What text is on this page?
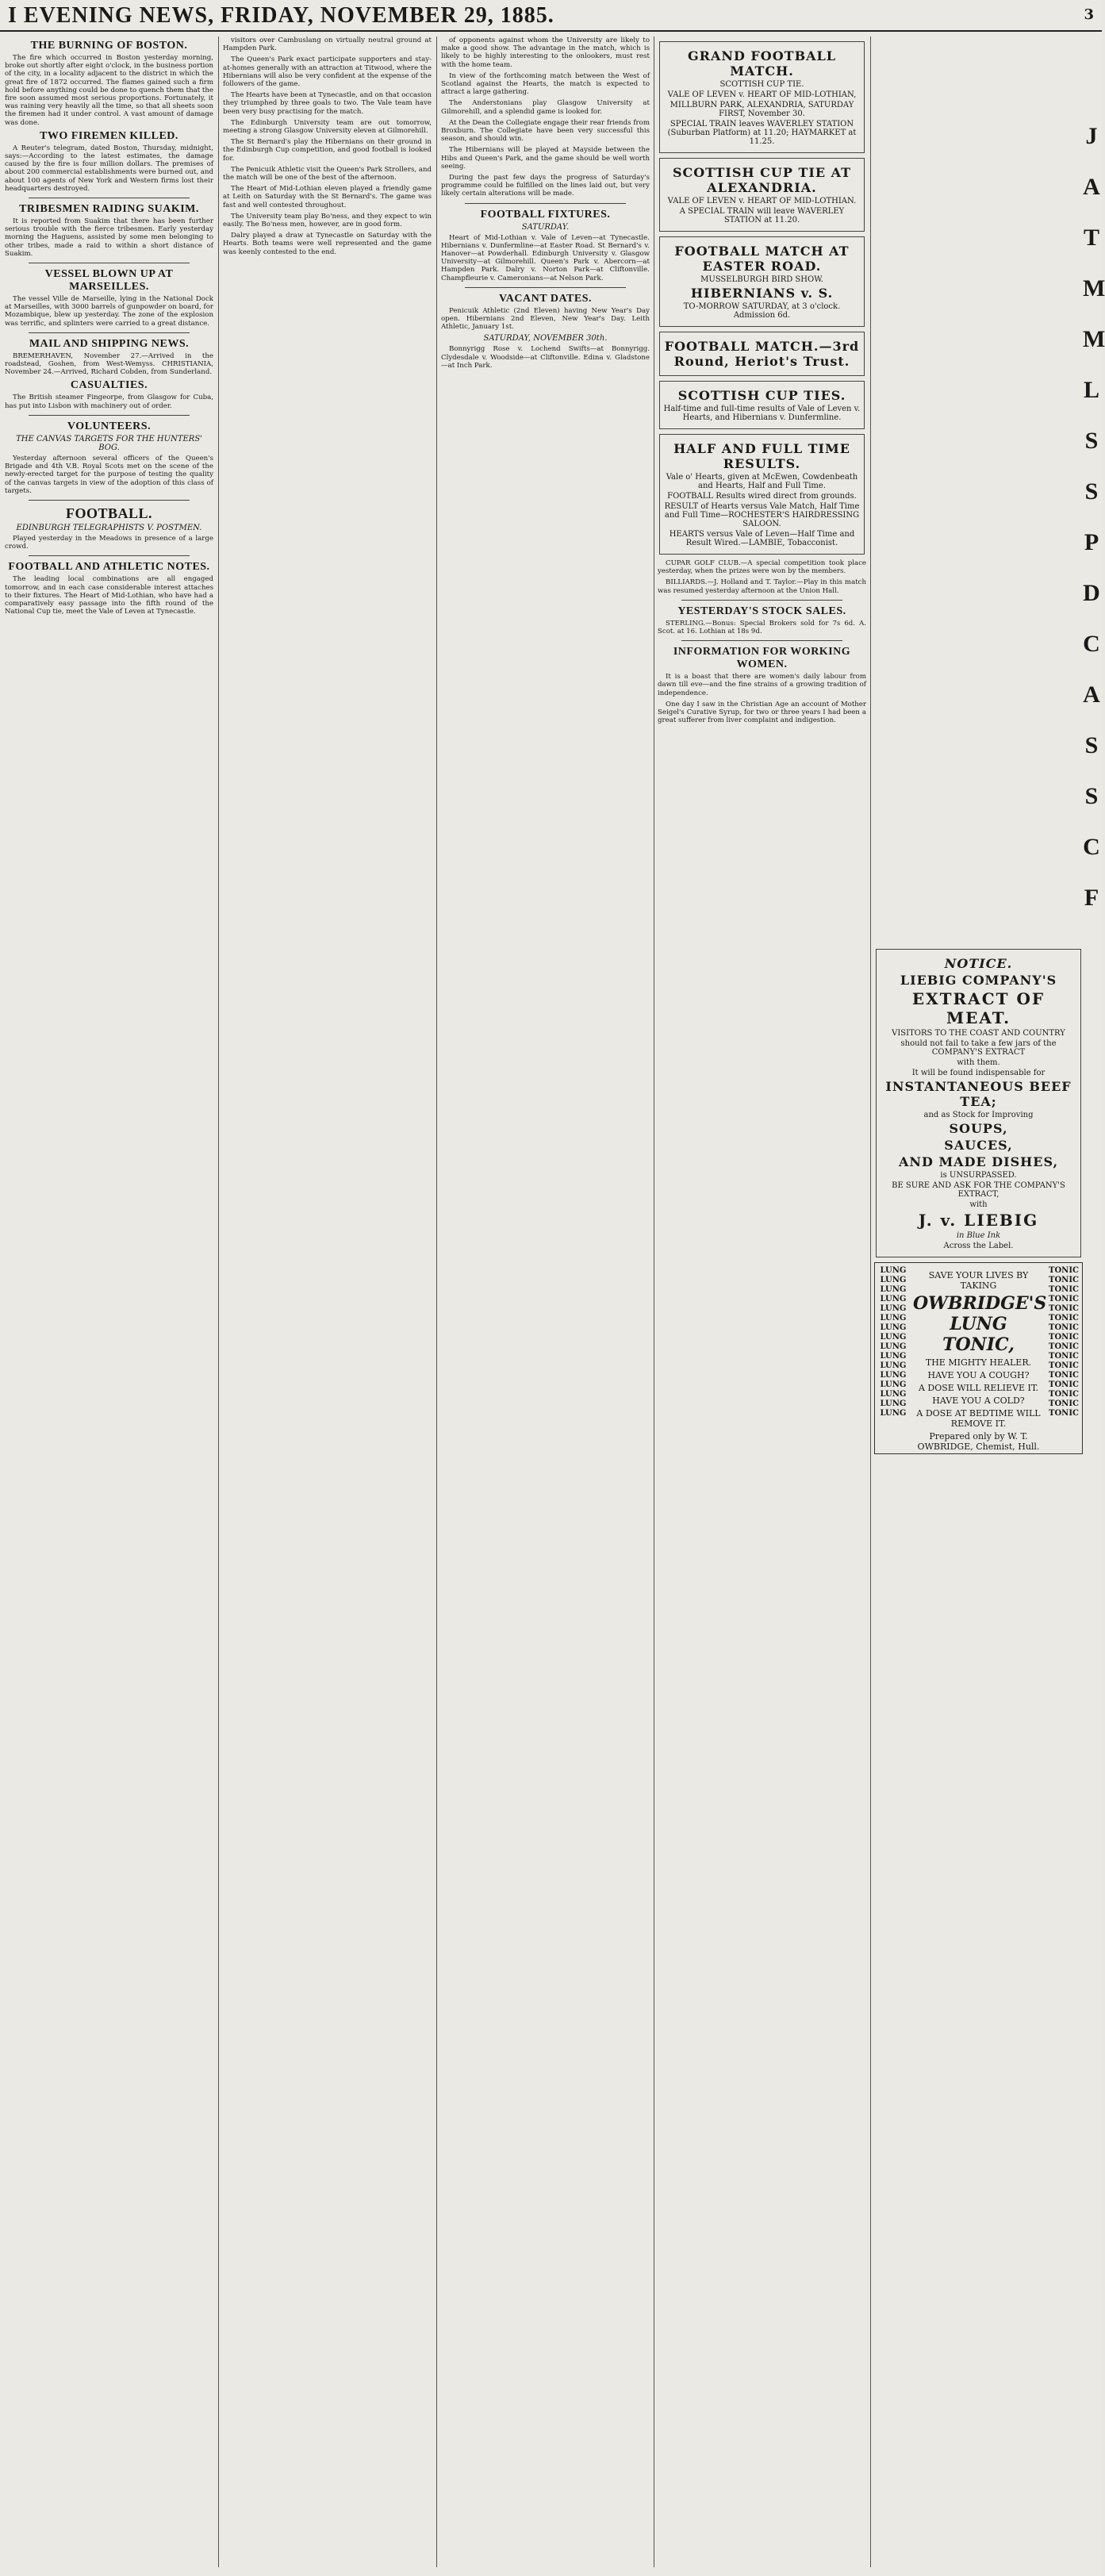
I EVENING NEWS, FRIDAY, NOVEMBER 29, 1885.	3
THE BURNING OF BOSTON.

The fire which occurred in Boston yesterday morning, broke out shortly after eight o'clock, in the business portion of the city, in a locality adjacent to the district in which the great fire of 1872 occurred. The flames gained such a firm hold before anything could be done to quench them that the fire soon assumed most serious proportions. Fortunately, it was raining very heavily all the time, so that all sheets soon the firemen had it under control. A vast amount of damage was done.

TWO FIREMEN KILLED.

A Reuter's telegram, dated Boston, Thursday, midnight, says:—According to the latest estimates, the damage caused by the fire is four million dollars. The premises of about 200 commercial establishments were burned out, and about 100 agents of New York and Western firms lost their headquarters destroyed.

TRIBESMEN RAIDING SUAKIM.

It is reported from Suakim that there has been further serious trouble with the fierce tribesmen. Early yesterday morning the Haguens, assisted by some men belonging to other tribes, made a raid to within a short distance of Suakim.

VESSEL BLOWN UP AT MARSEILLES.

The vessel Ville de Marseille, lying in the National Dock at Marseilles, with 3000 barrels of gunpowder on board, for Mozambique, blew up yesterday. The zone of the explosion was terrific, and splinters were carried to a great distance.

MAIL AND SHIPPING NEWS.

BREMERHAVEN, November 27.—Arrived in the roadstead, Goshen, from West-Wemyss. CHRISTIANIA, November 24.—Arrived, Richard Cobden, from Sunderland.

CASUALTIES.

The British steamer Fingeorpe, from Glasgow for Cuba, has put into Lisbon with machinery out of order.

VOLUNTEERS.
THE CANVAS TARGETS FOR THE HUNTERS' BOG.

Yesterday afternoon several officers of the Queen's Brigade and 4th V.B. Royal Scots met on the scene of the newly-erected target for the purpose of testing the quality of the canvas targets in view of the adoption of this class of targets.

FOOTBALL.
EDINBURGH TELEGRAPHISTS V. POSTMEN.

Played yesterday in the Meadows in presence of a large crowd.

FOOTBALL AND ATHLETIC NOTES.

The leading local combinations are all engaged tomorrow, and in each case considerable interest attaches to their fixtures. The Heart of Mid-Lothian, who have had a comparatively easy passage into the fifth round of the National Cup tie, meet the Vale of Leven at Tynecastle.

visitors over Cambuslang on virtually neutral ground at Hampden Park.

The Queen's Park exact participate supporters and stay-at-homes generally with an attraction at Titwood, where the Hibernians will also be very confident at the expense of the followers of the game.

The Hearts have been at Tynecastle, and on that occasion they triumphed by three goals to two. The Vale team have been very busy practising for the match.

The Edinburgh University team are out tomorrow, meeting a strong Glasgow University eleven at Gilmorehill.

The St Bernard's play the Hibernians on their ground in the Edinburgh Cup competition, and good football is looked for.

The Penicuik Athletic visit the Queen's Park Strollers, and the match will be one of the best of the afternoon.

The Heart of Mid-Lothian eleven played a friendly game at Leith on Saturday with the St Bernard's. The game was fast and well contested throughout.

The University team play Bo'ness, and they expect to win easily. The Bo'ness men, however, are in good form.

Dalry played a draw at Tynecastle on Saturday with the Hearts. Both teams were well represented and the game was keenly contested to the end.

of opponents against whom the University are likely to make a good show. The advantage in the match, which is likely to be highly interesting to the onlookers, must rest with the home team.

In view of the forthcoming match between the West of Scotland against the Hearts, the match is expected to attract a large gathering.

The Anderstonians play Glasgow University at Gilmorehill, and a splendid game is looked for.

At the Dean the Collegiate engage their rear friends from Broxburn. The Collegiate have been very successful this season, and should win.

The Hibernians will be played at Mayside between the Hibs and Queen's Park, and the game should be well worth seeing.

During the past few days the progress of Saturday's programme could be fulfilled on the lines laid out, but very likely certain alterations will be made.

FOOTBALL FIXTURES.
SATURDAY.

Heart of Mid-Lothian v. Vale of Leven—at Tynecastle. Hibernians v. Dunfermline—at Easter Road. St Bernard's v. Hanover—at Powderhall. Edinburgh University v. Glasgow University—at Gilmorehill. Queen's Park v. Abercorn—at Hampden Park. Dalry v. Norton Park—at Cliftonville. Champfleurie v. Cameronians—at Nelson Park.

VACANT DATES.

Penicuik Athletic (2nd Eleven) having New Year's Day open. Hibernians 2nd Eleven, New Year's Day. Leith Athletic, January 1st.

SATURDAY, NOVEMBER 30th.

Bonnyrigg Rose v. Lochend Swifts—at Bonnyrigg. Clydesdale v. Woodside—at Cliftonville. Edina v. Gladstone—at Inch Park.

GRAND FOOTBALL MATCH.
SCOTTISH CUP TIE.
VALE OF LEVEN v. HEART OF MID-LOTHIAN,
MILLBURN PARK, ALEXANDRIA, SATURDAY FIRST, November 30.
SPECIAL TRAIN leaves WAVERLEY STATION (Suburban Platform) at 11.20; HAYMARKET at 11.25.
SCOTTISH CUP TIE AT ALEXANDRIA.
VALE OF LEVEN v. HEART OF MID-LOTHIAN.
A SPECIAL TRAIN will leave WAVERLEY STATION at 11.20.
FOOTBALL MATCH AT EASTER ROAD.
MUSSELBURGH BIRD SHOW.
HIBERNIANS v. S.
TO-MORROW SATURDAY, at 3 o'clock. Admission 6d.
FOOTBALL MATCH.—3rd Round, Heriot's Trust.
SCOTTISH CUP TIES.
Half-time and full-time results of Vale of Leven v. Hearts, and Hibernians v. Dunfermline.
HALF AND FULL TIME RESULTS.
Vale o' Hearts, given at McEwen, Cowdenbeath and Hearts, Half and Full Time.
FOOTBALL Results wired direct from grounds.
RESULT of Hearts versus Vale Match, Half Time and Full Time—ROCHESTER'S HAIRDRESSING SALOON.
HEARTS versus Vale of Leven—Half Time and Result Wired.—LAMBIE, Tobacconist.

CUPAR GOLF CLUB.—A special competition took place yesterday, when the prizes were won by the members.

BILLIARDS.—J. Holland and T. Taylor.—Play in this match was resumed yesterday afternoon at the Union Hall.

YESTERDAY'S STOCK SALES.

STERLING.—Bonus: Special Brokers sold for 7s 6d. A. Scot. at 16. Lothian at 18s 9d.

INFORMATION FOR WORKING WOMEN.

It is a boast that there are women's daily labour from dawn till eve—and the fine strains of a growing tradition of independence.

One day I saw in the Christian Age an account of Mother Seigel's Curative Syrup, for two or three years I had been a great sufferer from liver complaint and indigestion.

NOTICE.
LIEBIG COMPANY'S
EXTRACT OF MEAT.
VISITORS TO THE COAST AND COUNTRY
should not fail to take a few jars of the COMPANY'S EXTRACT
with them.
It will be found indispensable for
INSTANTANEOUS BEEF TEA;
and as Stock for Improving
SOUPS,
SAUCES,
AND MADE DISHES,
is UNSURPASSED.
BE SURE AND ASK FOR THE COMPANY'S EXTRACT,
with
J. v. LIEBIG
in Blue Ink
Across the Label.
LUNG
LUNG
LUNG
LUNG
LUNG
LUNG
LUNG
LUNG
LUNG
LUNG
LUNG
LUNG
LUNG
LUNG
LUNG
LUNG
TONIC
TONIC
TONIC
TONIC
TONIC
TONIC
TONIC
TONIC
TONIC
TONIC
TONIC
TONIC
TONIC
TONIC
TONIC
TONIC
SAVE YOUR LIVES BY TAKING
OWBRIDGE'S
LUNG TONIC,
THE MIGHTY HEALER.
HAVE YOU A COUGH?
A DOSE WILL RELIEVE IT.
HAVE YOU A COLD?
A DOSE AT BEDTIME WILL REMOVE IT.
Prepared only by W. T. OWBRIDGE, Chemist, Hull.
J
A
T
M
M
L
S
S
P
D
C
A
S
S
C
F
